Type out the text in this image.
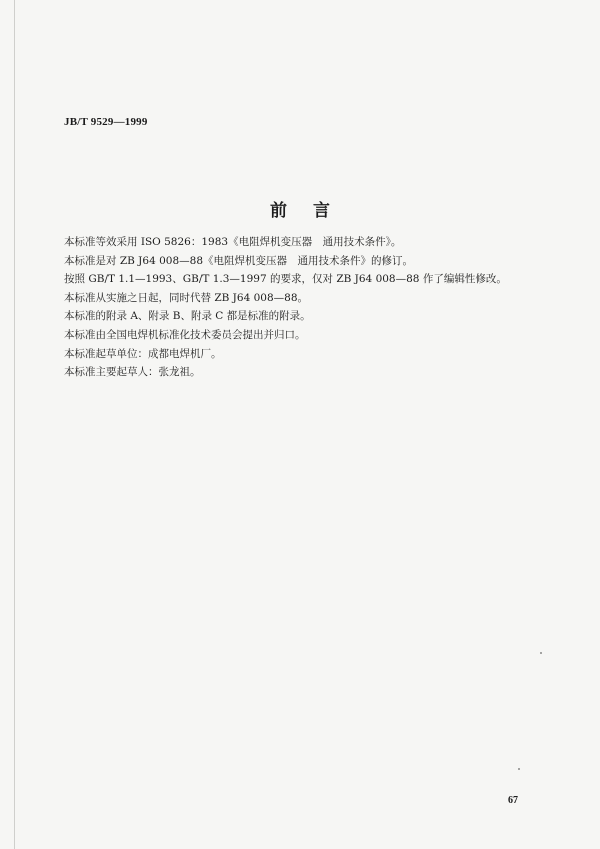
JB/T 9529—1999
前言
本标准等效采用 ISO 5826：1983《电阻焊机变压器　通用技术条件》。
本标准是对 ZB J64 008—88《电阻焊机变压器　通用技术条件》的修订。
按照 GB/T 1.1—1993、GB/T 1.3—1997 的要求，仅对 ZB J64 008—88 作了编辑性修改。
本标准从实施之日起，同时代替 ZB J64 008—88。
本标准的附录 A、附录 B、附录 C 都是标准的附录。
本标准由全国电焊机标准化技术委员会提出并归口。
本标准起草单位：成都电焊机厂。
本标准主要起草人：张龙祖。
67
